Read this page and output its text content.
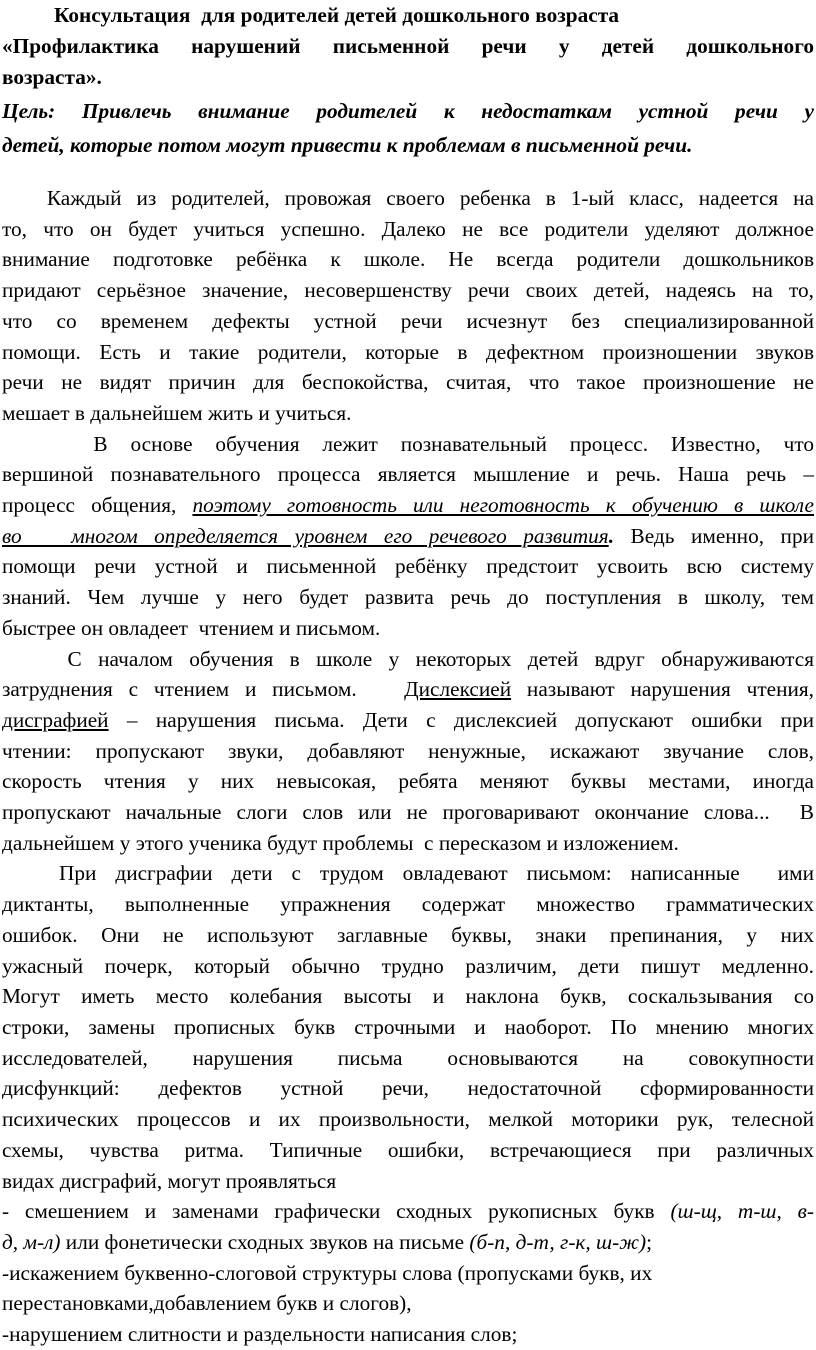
Консультация  для родителей детей дошкольного возраста
«Профилактика нарушений письменной речи у детей дошкольного
возраста».
Цель: Привлечь внимание родителей к недостаткам устной речи у
детей, которые потом могут привести к проблемам в письменной речи.
Каждый из родителей, провожая своего ребенка в 1-ый класс, надеется на
то, что он будет учиться успешно. Далеко не все родители уделяют должное
внимание подготовке ребёнка к школе. Не всегда родители дошкольников
придают серьёзное значение, несовершенству речи своих детей, надеясь на то,
что со временем дефекты устной речи исчезнут без специализированной
помощи. Есть и такие родители, которые в дефектном произношении звуков
речи не видят причин для беспокойства, считая, что такое произношение не
мешает в дальнейшем жить и учиться.
В основе обучения лежит познавательный процесс. Известно, что
вершиной познавательного процесса является мышление и речь. Наша речь –
процесс общения, поэтому готовность или неготовность к обучению в школе
во   многом определяется уровнем его речевого развития. Ведь именно, при
помощи речи устной и письменной ребёнку предстоит усвоить всю систему
знаний. Чем лучше у него будет развита речь до поступления в школу, тем
быстрее он овладеет  чтением и письмом.
С началом обучения в школе у некоторых детей вдруг обнаруживаются
затруднения с чтением и письмом.   Дислексией называют нарушения чтения,
дисграфией – нарушения письма. Дети с дислексией допускают ошибки при
чтении: пропускают звуки, добавляют ненужные, искажают звучание слов,
скорость чтения у них невысокая, ребята меняют буквы местами, иногда
пропускают начальные слоги слов или не проговаривают окончание слова...  В
дальнейшем у этого ученика будут проблемы  с пересказом и изложением.
При дисграфии дети с трудом овладевают письмом: написанные  ими
диктанты, выполненные упражнения содержат множество грамматических
ошибок. Они не используют заглавные буквы, знаки препинания, у них
ужасный почерк, который обычно трудно различим, дети пишут медленно.
Могут иметь место колебания высоты и наклона букв, соскальзывания со
строки, замены прописных букв строчными и наоборот. По мнению многих
исследователей, нарушения письма основываются на совокупности
дисфункций: дефектов устной речи, недостаточной сформированности
психических процессов и их произвольности, мелкой моторики рук, телесной
схемы, чувства ритма. Типичные ошибки, встречающиеся при различных
видах дисграфий, могут проявляться
- смешением и заменами графически сходных рукописных букв (ш-щ, т-ш, в-
д, м-л) или фонетически сходных звуков на письме (б-п, д-т, г-к, ш-ж);
-искажением буквенно-слоговой структуры слова (пропусками букв, их
перестановками,добавлением букв и слогов),
-нарушением слитности и раздельности написания слов;
